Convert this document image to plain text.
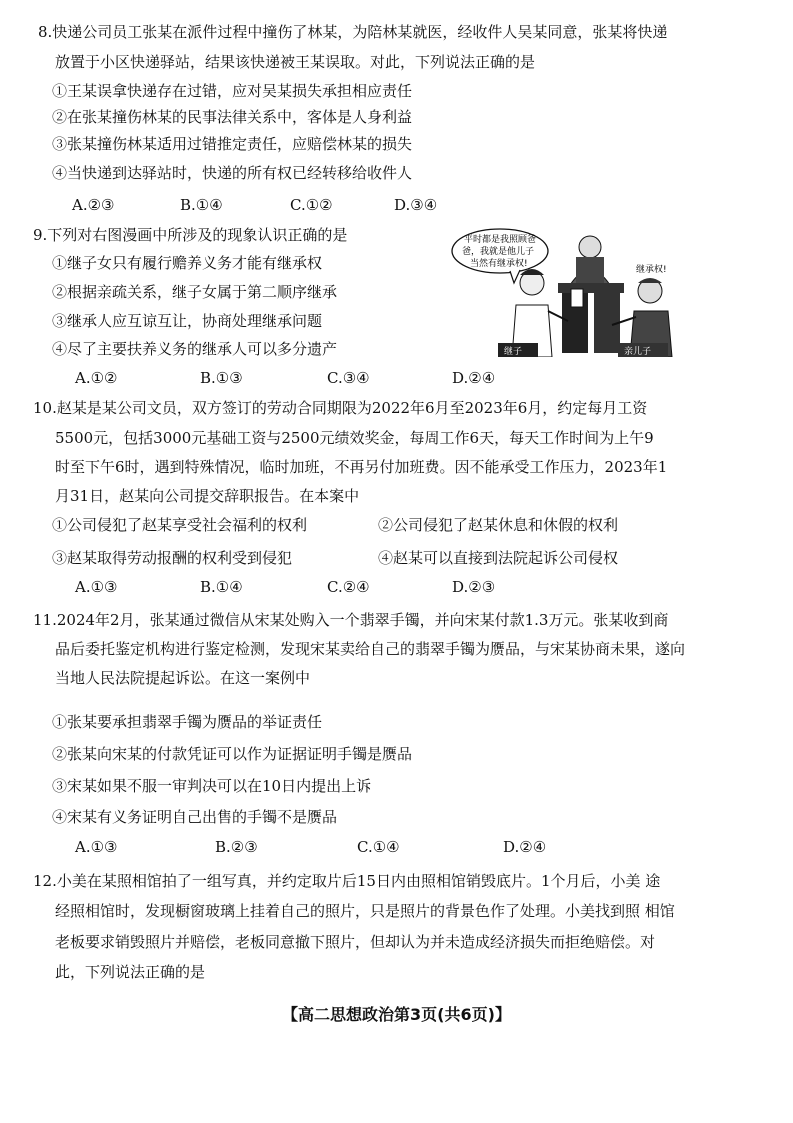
8.快递公司员工张某在派件过程中撞伤了林某，为陪林某就医，经收件人吴某同意，张某将快递
放置于小区快递驿站，结果该快递被王某误取。对此，下列说法正确的是
①王某误拿快递存在过错，应对吴某损失承担相应责任
②在张某撞伤林某的民事法律关系中，客体是人身利益
③张某撞伤林某适用过错推定责任，应赔偿林某的损失
④当快递到达驿站时，快递的所有权已经转移给收件人
A.②③	B.①④	C.①②	D.③④
9.下列对右图漫画中所涉及的现象认识正确的是
①继子女只有履行赡养义务才能有继承权
②根据亲疏关系，继子女属于第二顺序继承
③继承人应互谅互让，协商处理继承问题
④尽了主要扶养义务的继承人可以多分遗产
A.①②	B.①③	C.③④	D.②④
平时都是我照顾爸
爸，我就是他儿子
当然有继承权!
继子
继承权!
亲儿子
10.赵某是某公司文员，双方签订的劳动合同期限为2022年6月至2023年6月，约定每月工资
5500元，包括3000元基础工资与2500元绩效奖金，每周工作6天，每天工作时间为上午9
时至下午6时，遇到特殊情况，临时加班，不再另付加班费。因不能承受工作压力，2023年1
月31日，赵某向公司提交辞职报告。在本案中
①公司侵犯了赵某享受社会福利的权利	②公司侵犯了赵某休息和休假的权利
③赵某取得劳动报酬的权利受到侵犯	④赵某可以直接到法院起诉公司侵权
A.①③	B.①④	C.②④	D.②③
11.2024年2月，张某通过微信从宋某处购入一个翡翠手镯，并向宋某付款1.3万元。张某收到商
品后委托鉴定机构进行鉴定检测，发现宋某卖给自己的翡翠手镯为赝品，与宋某协商未果，遂向
当地人民法院提起诉讼。在这一案例中
①张某要承担翡翠手镯为赝品的举证责任
②张某向宋某的付款凭证可以作为证据证明手镯是赝品
③宋某如果不服一审判决可以在10日内提出上诉
④宋某有义务证明自己出售的手镯不是赝品
A.①③	B.②③	C.①④	D.②④
12.小美在某照相馆拍了一组写真，并约定取片后15日内由照相馆销毁底片。1个月后，小美 途
经照相馆时，发现橱窗玻璃上挂着自己的照片，只是照片的背景色作了处理。小美找到照 相馆
老板要求销毁照片并赔偿，老板同意撤下照片，但却认为并未造成经济损失而拒绝赔偿。对
此，下列说法正确的是
【高二思想政治第3页(共6页)】
